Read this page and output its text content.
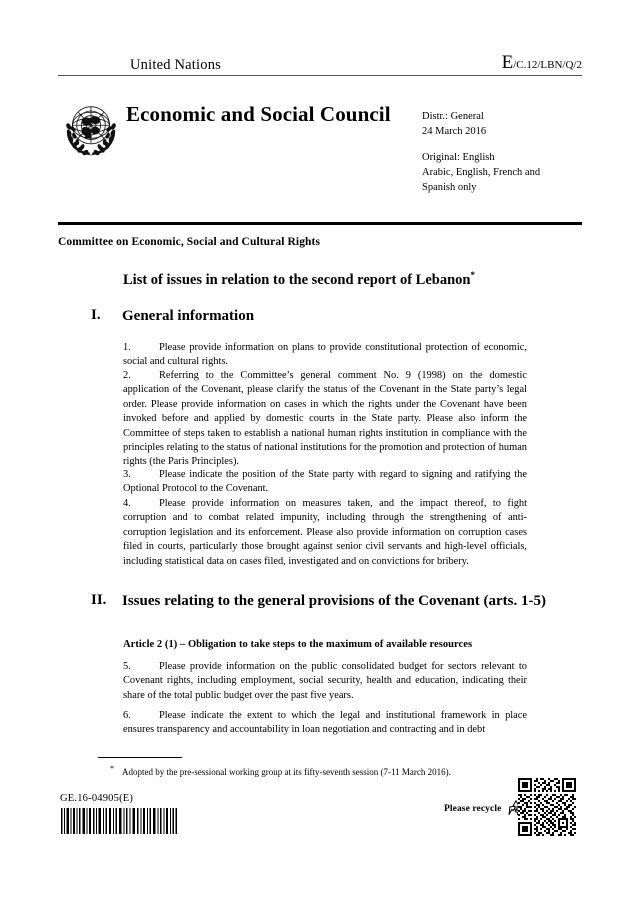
United Nations	E/C.12/LBN/Q/2
Economic and Social Council	Distr.: General
24 March 2016
Original: English
Arabic, English, French and
Spanish only
Committee on Economic, Social and Cultural Rights
List of issues in relation to the second report of Lebanon*
I.	General information
1.	Please provide information on plans to provide constitutional protection of economic, social and cultural rights.
2.	Referring to the Committee’s general comment No. 9 (1998) on the domestic application of the Covenant, please clarify the status of the Covenant in the State party’s legal order. Please provide information on cases in which the rights under the Covenant have been invoked before and applied by domestic courts in the State party. Please also inform the Committee of steps taken to establish a national human rights institution in compliance with the principles relating to the status of national institutions for the promotion and protection of human rights (the Paris Principles).
3.	Please indicate the position of the State party with regard to signing and ratifying the Optional Protocol to the Covenant.
4.	Please provide information on measures taken, and the impact thereof, to fight corruption and to combat related impunity, including through the strengthening of anti-corruption legislation and its enforcement. Please also provide information on corruption cases filed in courts, particularly those brought against senior civil servants and high-level officials, including statistical data on cases filed, investigated and on convictions for bribery.
II.	Issues relating to the general provisions of the Covenant (arts. 1-5)
Article 2 (1) – Obligation to take steps to the maximum of available resources
5.	Please provide information on the public consolidated budget for sectors relevant to Covenant rights, including employment, social security, health and education, indicating their share of the total public budget over the past five years.
6.	Please indicate the extent to which the legal and institutional framework in place ensures transparency and accountability in loan negotiation and contracting and in debt
* Adopted by the pre-sessional working group at its fifty-seventh session (7-11 March 2016).
GE.16-04905(E)
Please recycle
